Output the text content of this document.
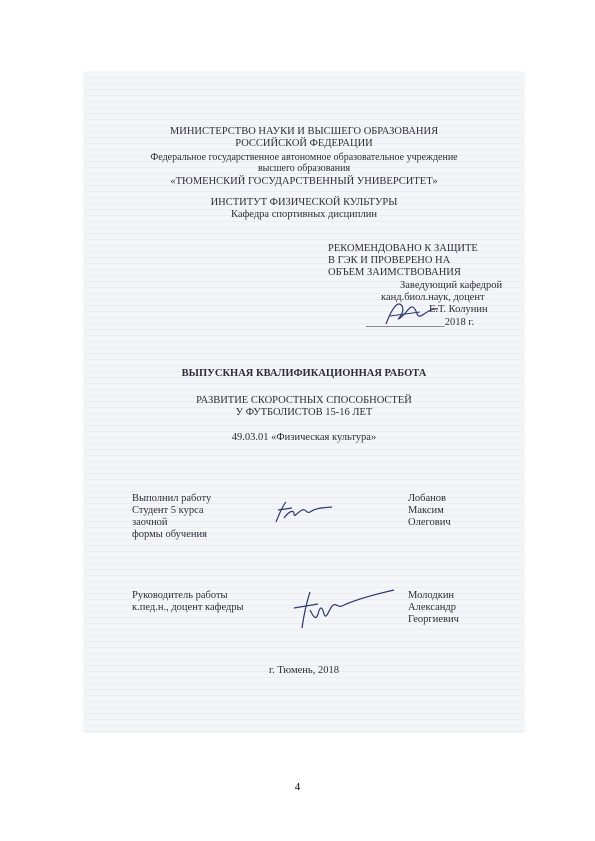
МИНИСТЕРСТВО НАУКИ И ВЫСШЕГО ОБРАЗОВАНИЯ
РОССИЙСКОЙ ФЕДЕРАЦИИ
Федеральное государственное автономное образовательное учреждение
высшего образования
«ТЮМЕНСКИЙ ГОСУДАРСТВЕННЫЙ УНИВЕРСИТЕТ»
ИНСТИТУТ ФИЗИЧЕСКОЙ КУЛЬТУРЫ
Кафедра спортивных дисциплин
РЕКОМЕНДОВАНО К ЗАЩИТЕ
В ГЭК И ПРОВЕРЕНО НА
ОБЪЕМ ЗАИМСТВОВАНИЯ
Заведующий кафедрой
канд.биол.наук, доцент
Е.Т. Колунин
_______________2018 г.
ВЫПУСКНАЯ КВАЛИФИКАЦИОННАЯ РАБОТА
РАЗВИТИЕ СКОРОСТНЫХ СПОСОБНОСТЕЙ
У ФУТБОЛИСТОВ 15-16 ЛЕТ
49.03.01 «Физическая культура»
Выполнил работу
Студент 5 курса
заочной
формы обучения
Лобанов
Максим
Олегович
Руководитель работы
к.пед.н., доцент кафедры
Молодкин
Александр
Георгиевич
г. Тюмень, 2018
4
